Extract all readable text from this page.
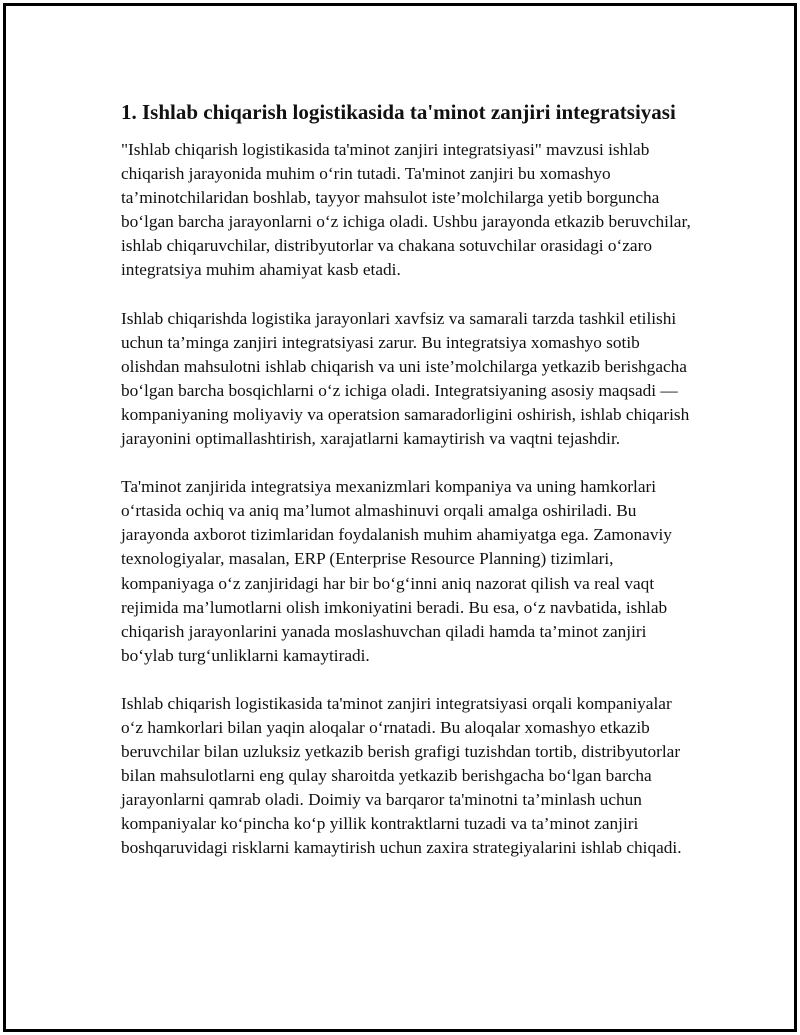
1. Ishlab chiqarish logistikasida ta'minot zanjiri integratsiyasi

"Ishlab chiqarish logistikasida ta'minot zanjiri integratsiyasi" mavzusi ishlab chiqarish jarayonida muhim o‘rin tutadi. Ta'minot zanjiri bu xomashyo ta’minotchilaridan boshlab, tayyor mahsulot iste’molchilarga yetib borguncha bo‘lgan barcha jarayonlarni o‘z ichiga oladi. Ushbu jarayonda etkazib beruvchilar, ishlab chiqaruvchilar, distribyutorlar va chakana sotuvchilar orasidagi o‘zaro integratsiya muhim ahamiyat kasb etadi.

Ishlab chiqarishda logistika jarayonlari xavfsiz va samarali tarzda tashkil etilishi uchun ta’minga zanjiri integratsiyasi zarur. Bu integratsiya xomashyo sotib olishdan mahsulotni ishlab chiqarish va uni iste’molchilarga yetkazib berishgacha bo‘lgan barcha bosqichlarni o‘z ichiga oladi. Integratsiyaning asosiy maqsadi — kompaniyaning moliyaviy va operatsion samaradorligini oshirish, ishlab chiqarish jarayonini optimallashtirish, xarajatlarni kamaytirish va vaqtni tejashdir.

Ta'minot zanjirida integratsiya mexanizmlari kompaniya va uning hamkorlari o‘rtasida ochiq va aniq ma’lumot almashinuvi orqali amalga oshiriladi. Bu jarayonda axborot tizimlaridan foydalanish muhim ahamiyatga ega. Zamonaviy texnologiyalar, masalan, ERP (Enterprise Resource Planning) tizimlari, kompaniyaga o‘z zanjiridagi har bir bo‘g‘inni aniq nazorat qilish va real vaqt rejimida ma’lumotlarni olish imkoniyatini beradi. Bu esa, o‘z navbatida, ishlab chiqarish jarayonlarini yanada moslashuvchan qiladi hamda ta’minot zanjiri bo‘ylab turg‘unliklarni kamaytiradi.

Ishlab chiqarish logistikasida ta'minot zanjiri integratsiyasi orqali kompaniyalar o‘z hamkorlari bilan yaqin aloqalar o‘rnatadi. Bu aloqalar xomashyo etkazib beruvchilar bilan uzluksiz yetkazib berish grafigi tuzishdan tortib, distribyutorlar bilan mahsulotlarni eng qulay sharoitda yetkazib berishgacha bo‘lgan barcha jarayonlarni qamrab oladi. Doimiy va barqaror ta'minotni ta’minlash uchun kompaniyalar ko‘pincha ko‘p yillik kontraktlarni tuzadi va ta’minot zanjiri boshqaruvidagi risklarni kamaytirish uchun zaxira strategiyalarini ishlab chiqadi.
